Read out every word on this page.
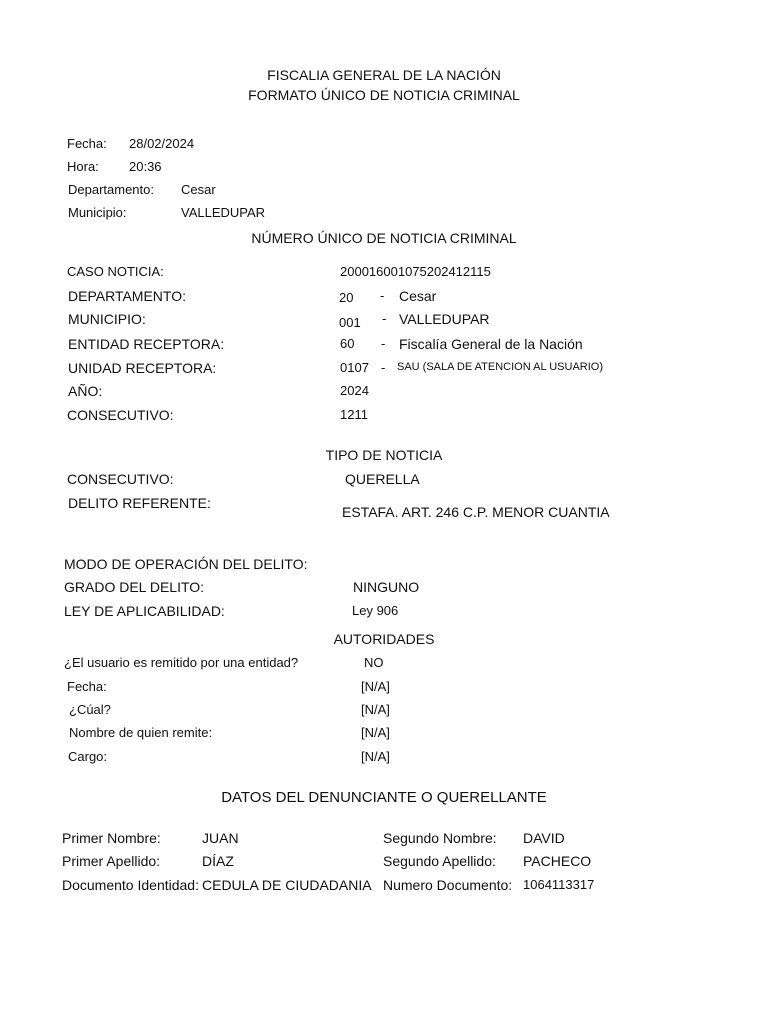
FISCALIA GENERAL DE LA NACIÓN
FORMATO ÚNICO DE NOTICIA CRIMINAL
Fecha: 28/02/2024
Hora: 20:36
Departamento: Cesar
Municipio:	VALLEDUPAR
NÚMERO ÚNICO DE NOTICIA CRIMINAL
CASO NOTICIA:	200016001075202412115
DEPARTAMENTO:	20 - Cesar
MUNICIPIO:	001 - VALLEDUPAR
ENTIDAD RECEPTORA:	60 - Fiscalía General de la Nación
UNIDAD RECEPTORA:	0107 - SAU (SALA DE ATENCION AL USUARIO)
AÑO:	2024
CONSECUTIVO:	1211
TIPO DE NOTICIA
CONSECUTIVO:	QUERELLA
DELITO REFERENTE:
ESTAFA. ART. 246 C.P. MENOR CUANTIA
MODO DE OPERACIÓN DEL DELITO:
GRADO DEL DELITO:	NINGUNO
LEY DE APLICABILIDAD:	Ley 906
AUTORIDADES
¿El usuario es remitido por una entidad?	NO
Fecha:	[N/A]
¿Cúal?	[N/A]
Nombre de quien remite:	[N/A]
Cargo:	[N/A]
DATOS DEL DENUNCIANTE O QUERELLANTE
Primer Nombre:	JUAN	Segundo Nombre: DAVID
Primer Apellido:	DÍAZ	Segundo Apellido: PACHECO
Documento Identidad: CEDULA DE CIUDADANIA Numero Documento: 1064113317
